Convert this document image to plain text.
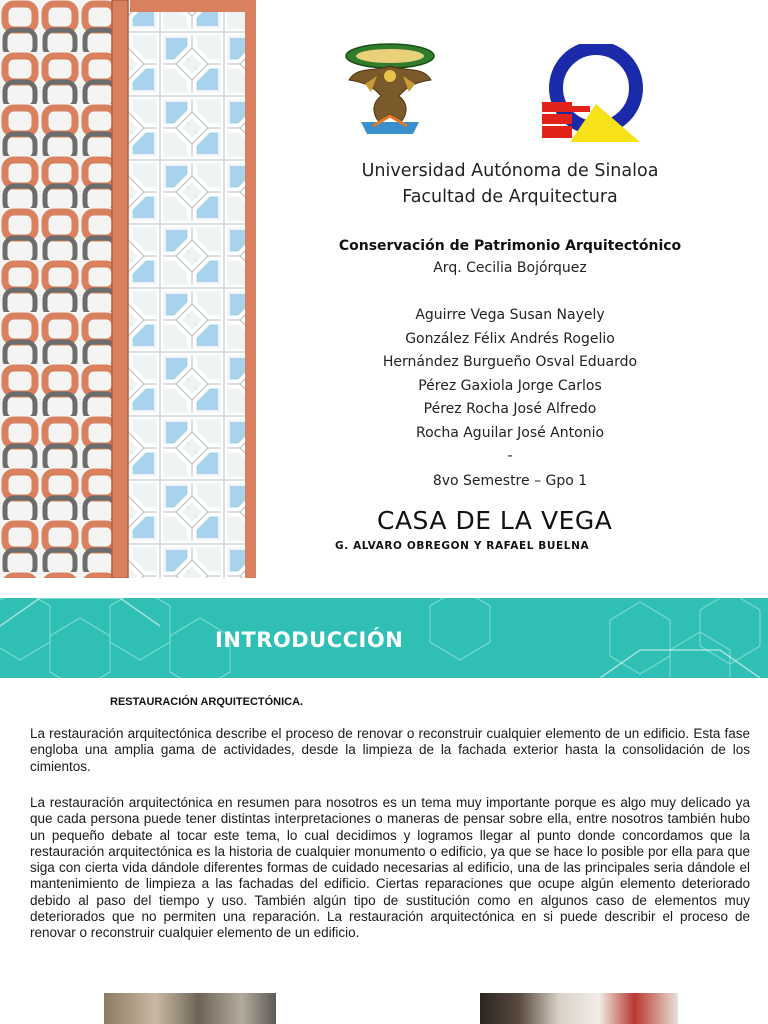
Universidad Autónoma de Sinaloa
Facultad de Arquitectura
Conservación de Patrimonio Arquitectónico
Arq. Cecilia Bojórquez
Aguirre Vega Susan Nayely
González Félix Andrés Rogelio
Hernández Burgueño Osval Eduardo
Pérez Gaxiola Jorge Carlos
Pérez Rocha José Alfredo
Rocha Aguilar José Antonio
-
8vo Semestre – Gpo 1
CASA DE LA VEGA
G. ALVARO OBREGON Y RAFAEL BUELNA
INTRODUCCIÓN
RESTAURACIÓN ARQUITECTÓNICA.

La restauración arquitectónica describe el proceso de renovar o reconstruir cualquier elemento de un edificio. Esta fase engloba una amplia gama de actividades, desde la limpieza de la fachada exterior hasta la consolidación de los cimientos.

La restauración arquitectónica en resumen para nosotros es un tema muy importante porque es algo muy delicado ya que cada persona puede tener distintas interpretaciones o maneras de pensar sobre ella, entre nosotros también hubo un pequeño debate al tocar este tema, lo cual decidimos y logramos llegar al punto donde concordamos que la restauración arquitectónica es la historia de cualquier monumento o edificio, ya que se hace lo posible por ella para que siga con cierta vida dándole diferentes formas de cuidado necesarias al edificio, una de las principales seria dándole el mantenimiento de limpieza a las fachadas del edificio. Ciertas reparaciones que ocupe algún elemento deteriorado debido al paso del tiempo y uso. También algún tipo de sustitución como en algunos caso de elementos muy deteriorados que no permiten una reparación. La restauración arquitectónica en si puede describir el proceso de renovar o reconstruir cualquier elemento de un edificio.
